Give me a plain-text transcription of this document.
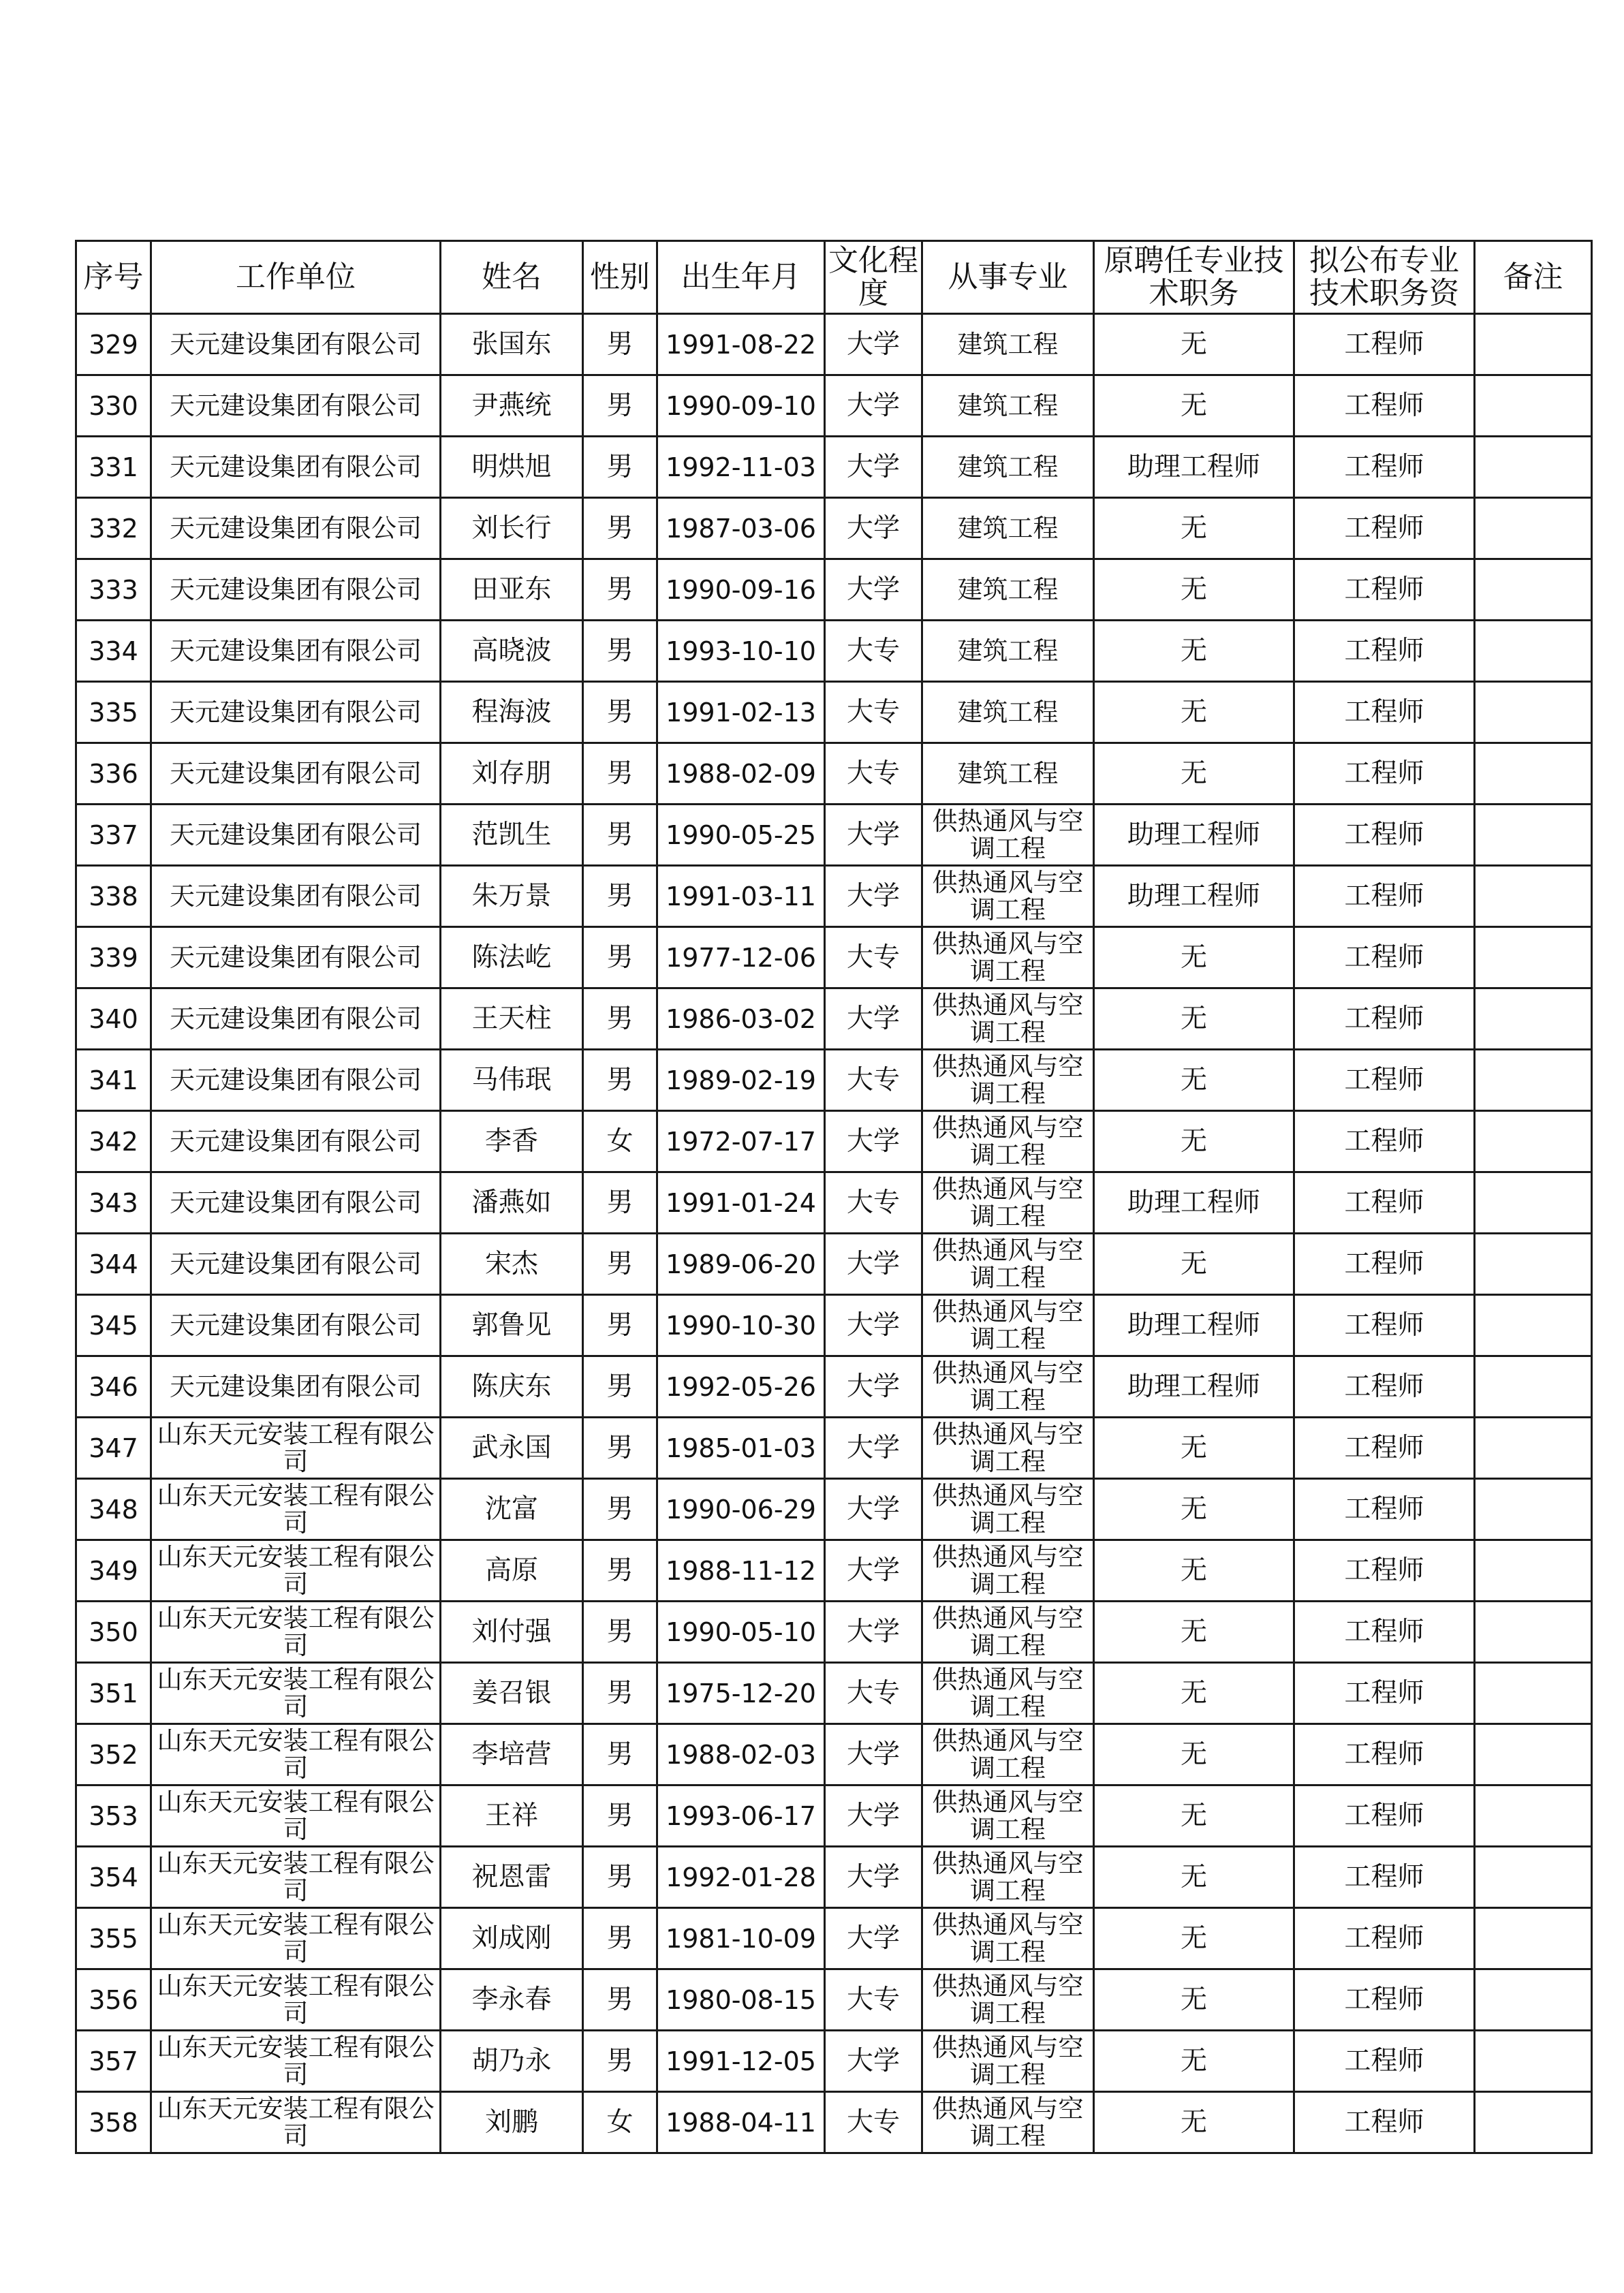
序号	工作单位	姓名	性别	出生年月	文化程度	从事专业	原聘任专业技术职务	拟公布专业技术职务资	备注
329	天元建设集团有限公司	张国东	男	1991-08-22	大学	建筑工程	无	工程师	
330	天元建设集团有限公司	尹燕统	男	1990-09-10	大学	建筑工程	无	工程师	
331	天元建设集团有限公司	明烘旭	男	1992-11-03	大学	建筑工程	助理工程师	工程师	
332	天元建设集团有限公司	刘长行	男	1987-03-06	大学	建筑工程	无	工程师	
333	天元建设集团有限公司	田亚东	男	1990-09-16	大学	建筑工程	无	工程师	
334	天元建设集团有限公司	高晓波	男	1993-10-10	大专	建筑工程	无	工程师	
335	天元建设集团有限公司	程海波	男	1991-02-13	大专	建筑工程	无	工程师	
336	天元建设集团有限公司	刘存朋	男	1988-02-09	大专	建筑工程	无	工程师	
337	天元建设集团有限公司	范凯生	男	1990-05-25	大学	供热通风与空调工程	助理工程师	工程师	
338	天元建设集团有限公司	朱万景	男	1991-03-11	大学	供热通风与空调工程	助理工程师	工程师	
339	天元建设集团有限公司	陈法屹	男	1977-12-06	大专	供热通风与空调工程	无	工程师	
340	天元建设集团有限公司	王天柱	男	1986-03-02	大学	供热通风与空调工程	无	工程师	
341	天元建设集团有限公司	马伟珉	男	1989-02-19	大专	供热通风与空调工程	无	工程师	
342	天元建设集团有限公司	李香	女	1972-07-17	大学	供热通风与空调工程	无	工程师	
343	天元建设集团有限公司	潘燕如	男	1991-01-24	大专	供热通风与空调工程	助理工程师	工程师	
344	天元建设集团有限公司	宋杰	男	1989-06-20	大学	供热通风与空调工程	无	工程师	
345	天元建设集团有限公司	郭鲁见	男	1990-10-30	大学	供热通风与空调工程	助理工程师	工程师	
346	天元建设集团有限公司	陈庆东	男	1992-05-26	大学	供热通风与空调工程	助理工程师	工程师	
347	山东天元安装工程有限公司	武永国	男	1985-01-03	大学	供热通风与空调工程	无	工程师	
348	山东天元安装工程有限公司	沈富	男	1990-06-29	大学	供热通风与空调工程	无	工程师	
349	山东天元安装工程有限公司	高原	男	1988-11-12	大学	供热通风与空调工程	无	工程师	
350	山东天元安装工程有限公司	刘付强	男	1990-05-10	大学	供热通风与空调工程	无	工程师	
351	山东天元安装工程有限公司	姜召银	男	1975-12-20	大专	供热通风与空调工程	无	工程师	
352	山东天元安装工程有限公司	李培营	男	1988-02-03	大学	供热通风与空调工程	无	工程师	
353	山东天元安装工程有限公司	王祥	男	1993-06-17	大学	供热通风与空调工程	无	工程师	
354	山东天元安装工程有限公司	祝恩雷	男	1992-01-28	大学	供热通风与空调工程	无	工程师	
355	山东天元安装工程有限公司	刘成刚	男	1981-10-09	大学	供热通风与空调工程	无	工程师	
356	山东天元安装工程有限公司	李永春	男	1980-08-15	大专	供热通风与空调工程	无	工程师	
357	山东天元安装工程有限公司	胡乃永	男	1991-12-05	大学	供热通风与空调工程	无	工程师	
358	山东天元安装工程有限公司	刘鹏	女	1988-04-11	大专	供热通风与空调工程	无	工程师	
